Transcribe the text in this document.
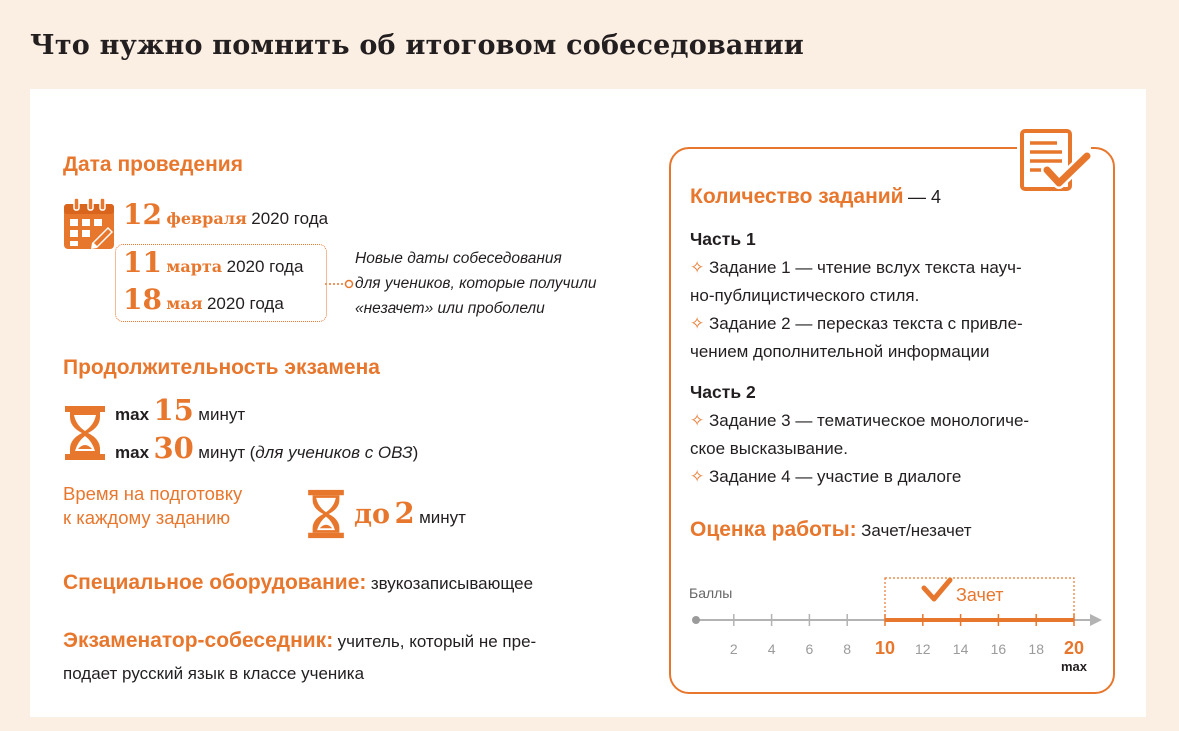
Что нужно помнить об итоговом собеседовании
Дата проведения
12 февраля 2020 года
11 марта 2020 года
18 мая 2020 года
Новые даты собеседования
для учеников, которые получили
«незачет» или проболели
Продолжительность экзамена
max 15 минут
max 30 минут (для учеников с ОВЗ)
Время на подготовку
к каждому заданию	до 2 минут
Специальное оборудование: звукозаписывающее
Экзаменатор-собеседник: учитель, который не пре-
подает русский язык в классе ученика
Количество заданий — 4
Часть 1
✧ Задание 1 — чтение вслух текста науч-
но-публицистического стиля.
✧ Задание 2 — пересказ текста с привле-
чением дополнительной информации
Часть 2
✧ Задание 3 — тематическое монологиче-
ское высказывание.
✧ Задание 4 — участие в диалоге
Оценка работы: Зачет/незачет
Баллы
2 4 6 8 10 12 14 16 18 20
max
Зачет
